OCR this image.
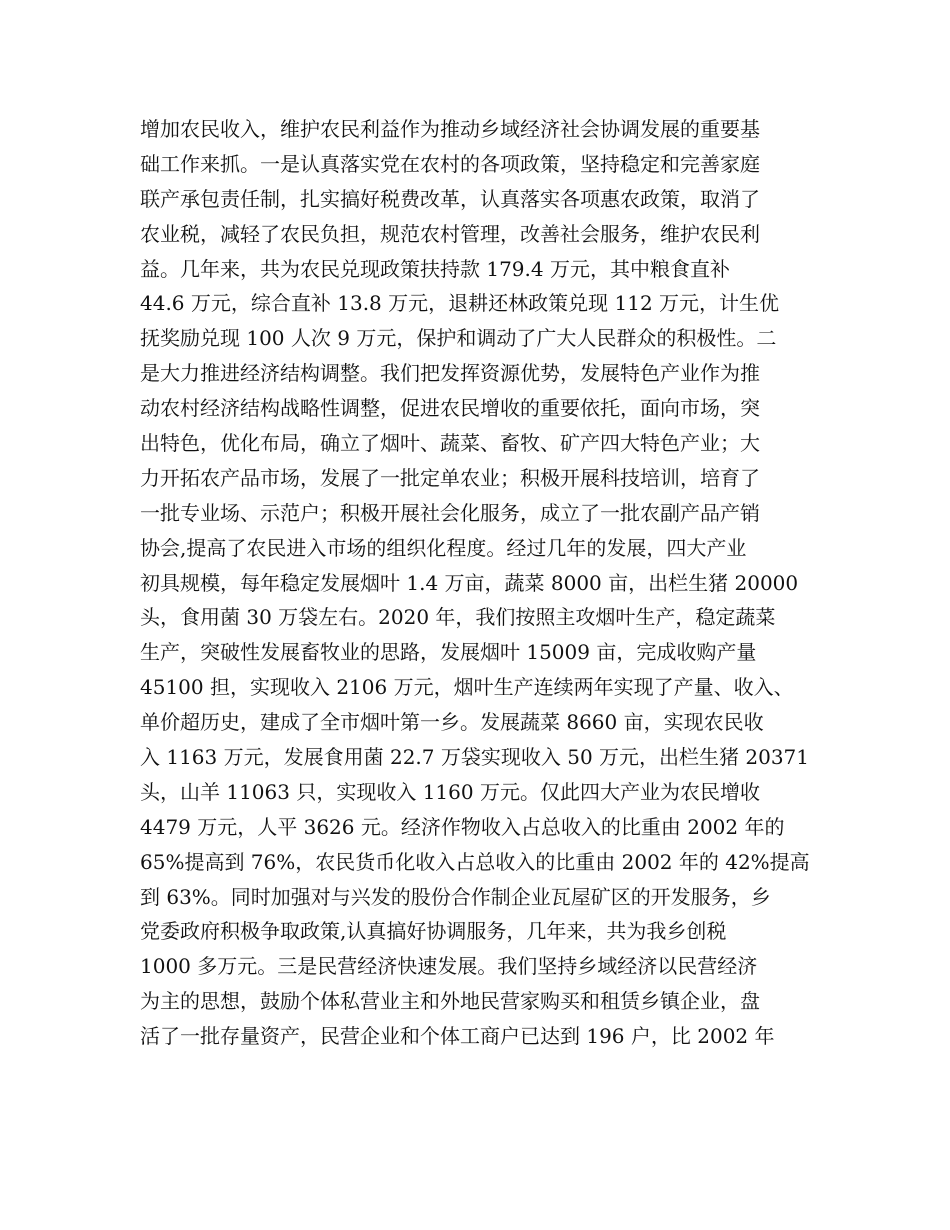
增加农民收入，维护农民利益作为推动乡域经济社会协调发展的重要基
础工作来抓。一是认真落实党在农村的各项政策，坚持稳定和完善家庭
联产承包责任制，扎实搞好税费改革，认真落实各项惠农政策，取消了
农业税，减轻了农民负担，规范农村管理，改善社会服务，维护农民利
益。几年来，共为农民兑现政策扶持款 179.4 万元，其中粮食直补
44.6 万元，综合直补 13.8 万元，退耕还林政策兑现 112 万元，计生优
抚奖励兑现 100 人次 9 万元，保护和调动了广大人民群众的积极性。二
是大力推进经济结构调整。我们把发挥资源优势，发展特色产业作为推
动农村经济结构战略性调整，促进农民增收的重要依托，面向市场，突
出特色，优化布局，确立了烟叶、蔬菜、畜牧、矿产四大特色产业；大
力开拓农产品市场，发展了一批定单农业；积极开展科技培训，培育了
一批专业场、示范户；积极开展社会化服务，成立了一批农副产品产销
协会,提高了农民进入市场的组织化程度。经过几年的发展，四大产业
初具规模，每年稳定发展烟叶 1.4 万亩，蔬菜 8000 亩，出栏生猪 20000
头，食用菌 30 万袋左右。2020 年，我们按照主攻烟叶生产，稳定蔬菜
生产，突破性发展畜牧业的思路，发展烟叶 15009 亩，完成收购产量
45100 担，实现收入 2106 万元，烟叶生产连续两年实现了产量、收入、
单价超历史，建成了全市烟叶第一乡。发展蔬菜 8660 亩，实现农民收
入 1163 万元，发展食用菌 22.7 万袋实现收入 50 万元，出栏生猪 20371
头，山羊 11063 只，实现收入 1160 万元。仅此四大产业为农民增收
4479 万元，人平 3626 元。经济作物收入占总收入的比重由 2002 年的
65%提高到 76%，农民货币化收入占总收入的比重由 2002 年的 42%提高
到 63%。同时加强对与兴发的股份合作制企业瓦屋矿区的开发服务，乡
党委政府积极争取政策,认真搞好协调服务，几年来，共为我乡创税
1000 多万元。三是民营经济快速发展。我们坚持乡域经济以民营经济
为主的思想，鼓励个体私营业主和外地民营家购买和租赁乡镇企业，盘
活了一批存量资产，民营企业和个体工商户已达到 196 户，比 2002 年
